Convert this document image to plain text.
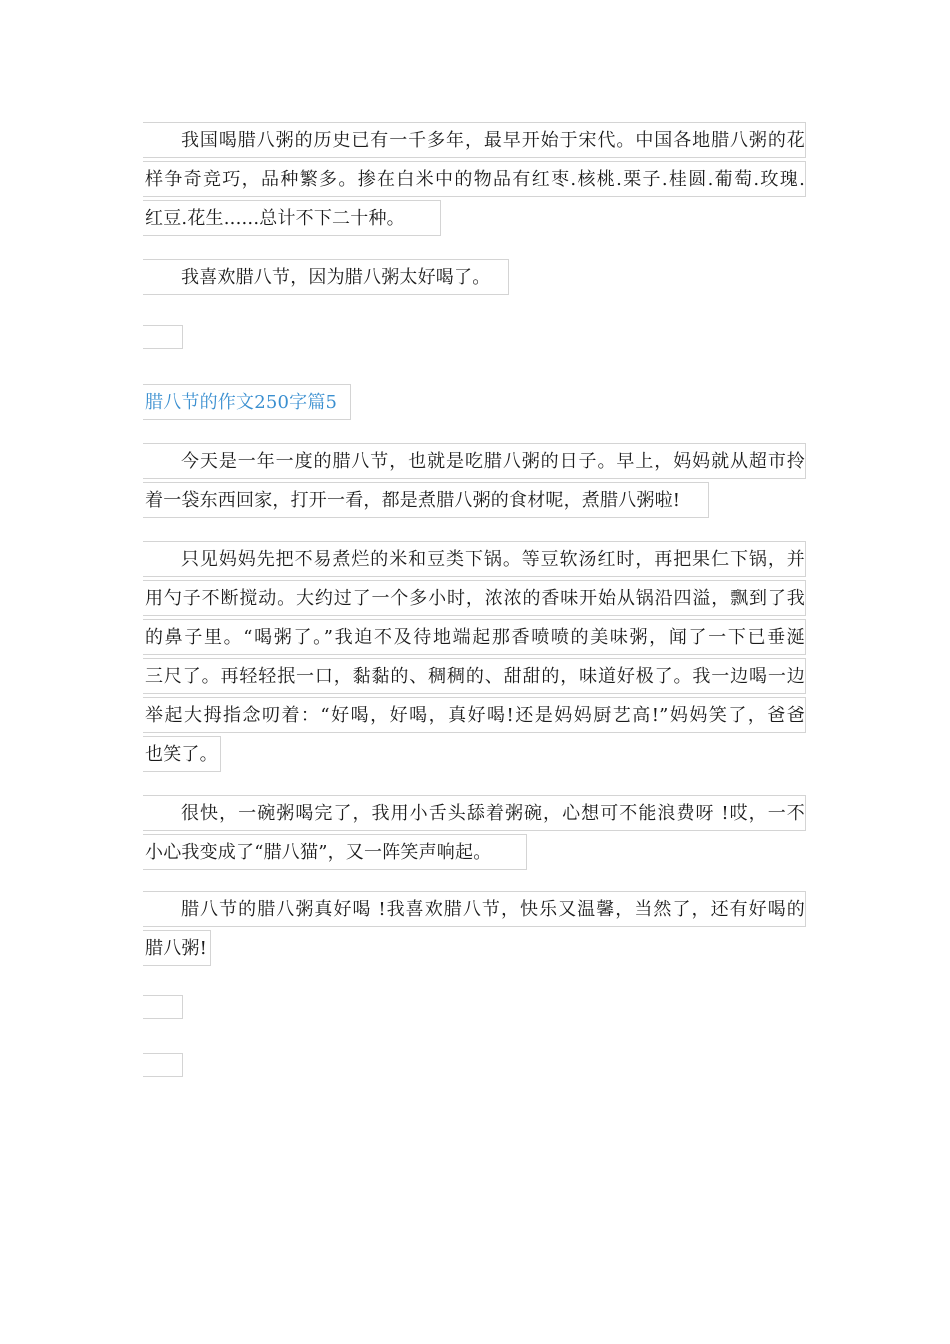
我国喝腊八粥的历史已有一千多年，最早开始于宋代。中国各地腊八粥的花
样争奇竞巧，品种繁多。掺在白米中的物品有红枣.核桃.栗子.桂圆.葡萄.玫瑰.
红豆.花生......总计不下二十种。
我喜欢腊八节，因为腊八粥太好喝了。
腊八节的作文250字篇5
今天是一年一度的腊八节，也就是吃腊八粥的日子。早上，妈妈就从超市拎
着一袋东西回家，打开一看，都是煮腊八粥的食材呢，煮腊八粥啦!
只见妈妈先把不易煮烂的米和豆类下锅。等豆软汤红时，再把果仁下锅，并
用勺子不断搅动。大约过了一个多小时，浓浓的香味开始从锅沿四溢，飘到了我
的鼻子里。“喝粥了。”我迫不及待地端起那香喷喷的美味粥，闻了一下已垂涎
三尺了。再轻轻抿一口，黏黏的、稠稠的、甜甜的，味道好极了。我一边喝一边
举起大拇指念叨着：“好喝，好喝，真好喝!还是妈妈厨艺高!”妈妈笑了，爸爸
也笑了。
很快，一碗粥喝完了，我用小舌头舔着粥碗，心想可不能浪费呀 !哎，一不
小心我变成了“腊八猫”，又一阵笑声响起。
腊八节的腊八粥真好喝 !我喜欢腊八节，快乐又温馨，当然了，还有好喝的
腊八粥!
